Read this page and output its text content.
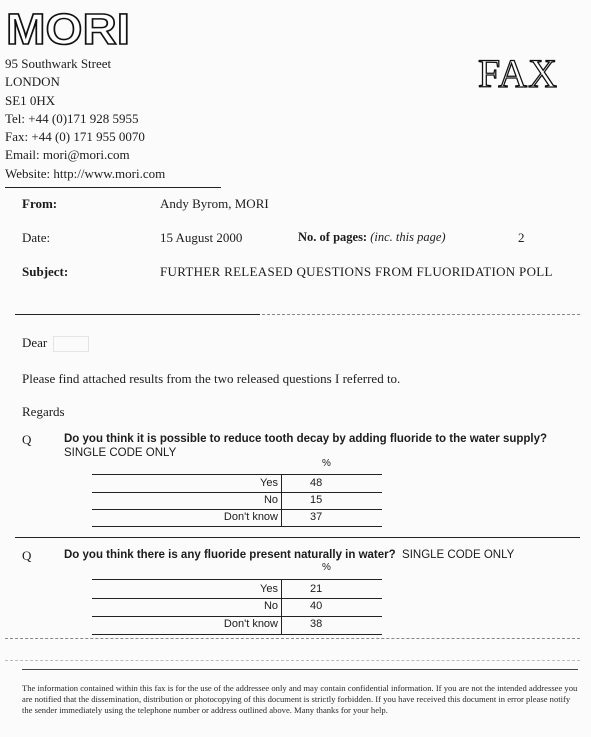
MORI
95 Southwark Street
LONDON
SE1 0HX
Tel: +44 (0)171 928 5955
Fax: +44 (0) 171 955 0070
Email: mori@mori.com
Website: http://www.mori.com
FAX
From:	Andy Byrom, MORI
Date:	15 August 2000	No. of pages: (inc. this page)	2
Subject:	FURTHER RELEASED QUESTIONS FROM FLUORIDATION POLL
Dear
Please find attached results from the two released questions I referred to.
Regards
Q	Do you think it is possible to reduce tooth decay by adding fluoride to the water supply?
SINGLE CODE ONLY
%
Yes	48
No	15
Don't know	37
Q	Do you think there is any fluoride present naturally in water? SINGLE CODE ONLY
%
Yes	21
No	40
Don't know	38
The information contained within this fax is for the use of the addressee only and may contain confidential information. If you are not the intended addressee you are notified that the dissemination, distribution or photocopying of this document is strictly forbidden. If you have received this document in error please notify the sender immediately using the telephone number or address outlined above. Many thanks for your help.
